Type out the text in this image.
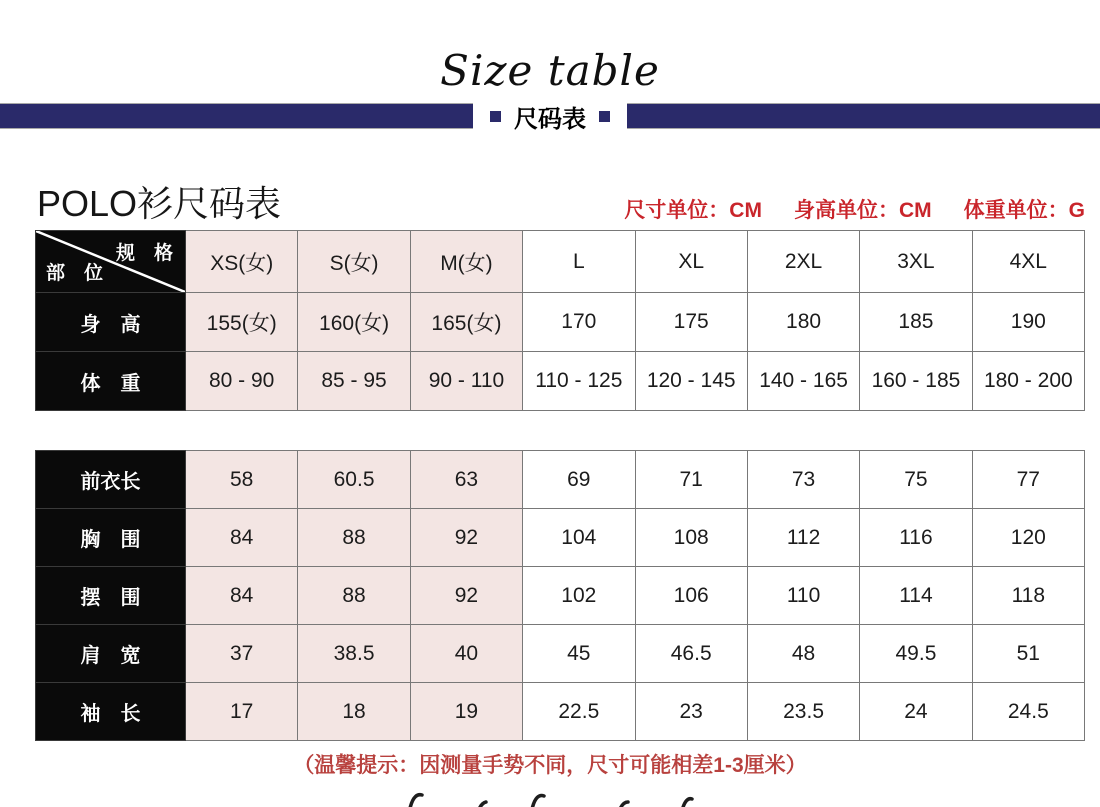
Size table
尺码表
POLO衫尺码表	尺寸单位：CM 身高单位：CM 体重单位：G
规　格
部　位	XS(女)	S(女)	M(女)	L	XL	2XL	3XL	4XL
身　高	155(女)	160(女)	165(女)	170	175	180	185	190
体　重	80 - 90	85 - 95	90 - 110	110 - 125	120 - 145	140 - 165	160 - 185	180 - 200
前衣长	58	60.5	63	69	71	73	75	77
胸　围	84	88	92	104	108	112	116	120
摆　围	84	88	92	102	106	110	114	118
肩　宽	37	38.5	40	45	46.5	48	49.5	51
袖　长	17	18	19	22.5	23	23.5	24	24.5
（温馨提示：因测量手势不同，尺寸可能相差1-3厘米）
